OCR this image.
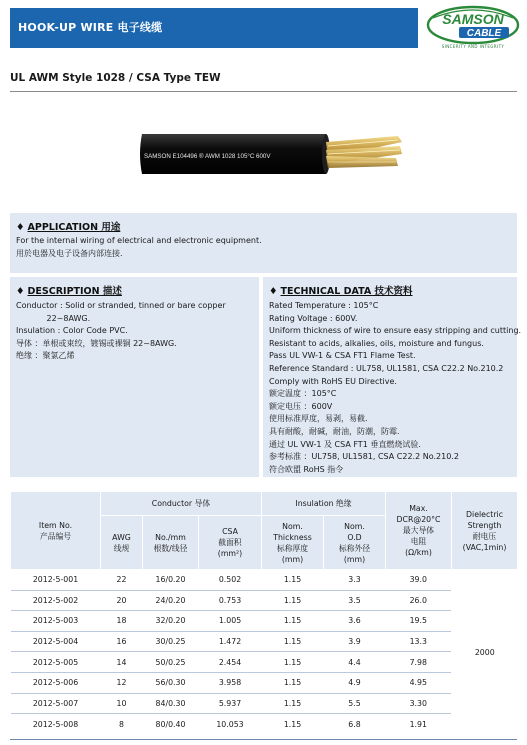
HOOK-UP WIRE 电子线缆
SAMSON
CABLE
SINCERITY AND INTEGRITY
UL AWM Style 1028 / CSA Type TEW
SAMSON E104496 ® AWM 1028 105°C 600V
♦ APPLICATION 用途
For the internal wiring of electrical and electronic equipment.
用於电器及电子设备内部连接.
♦ DESCRIPTION 描述
Conductor : Solid or stranded, tinned or bare copper
22~8AWG.
Insulation : Color Code PVC.
导体 ：单根或束绞，镀锡或裸铜 22~8AWG.
绝缘 ：聚氯乙烯
♦ TECHNICAL DATA 技术资料
Rated Temperature : 105°C
Rating Voltage : 600V.
Uniform thickness of wire to ensure easy stripping and cutting.
Resistant to acids, alkalies, oils, moisture and fungus.
Pass UL VW-1 & CSA FT1 Flame Test.
Reference Standard : UL758, UL1581, CSA C22.2 No.210.2
Comply with RoHS EU Directive.
额定温度 ：105°C
额定电压 ：600V
使用标准厚度，易剥，易截.
具有耐酸，耐碱，耐油，防潮，防霉.
通过 UL VW-1 及 CSA FT1 垂直燃烧试验.
参考标准 ：UL758, UL1581, CSA C22.2 No.210.2
符合欧盟 RoHS 指令
Item No.
产品编号	Conductor 导体			Insulation 绝缘		Max.
DCR@20°C
最大导体
电阻
(Ω/km)	Dielectric
Strength
耐电压
(VAC,1min)
	AWG
线规	No./mm
根数/线径	CSA
截面积
(mm²)	Nom.
Thickness
标称厚度
(mm)	Nom.
O.D
标称外径
(mm)		
2012-5-001	22	16/0.20	0.502	1.15	3.3	39.0	2000
2012-5-002	20	24/0.20	0.753	1.15	3.5	26.0	
2012-5-003	18	32/0.20	1.005	1.15	3.6	19.5	
2012-5-004	16	30/0.25	1.472	1.15	3.9	13.3	
2012-5-005	14	50/0.25	2.454	1.15	4.4	7.98	
2012-5-006	12	56/0.30	3.958	1.15	4.9	4.95	
2012-5-007	10	84/0.30	5.937	1.15	5.5	3.30	
2012-5-008	8	80/0.40	10.053	1.15	6.8	1.91	
